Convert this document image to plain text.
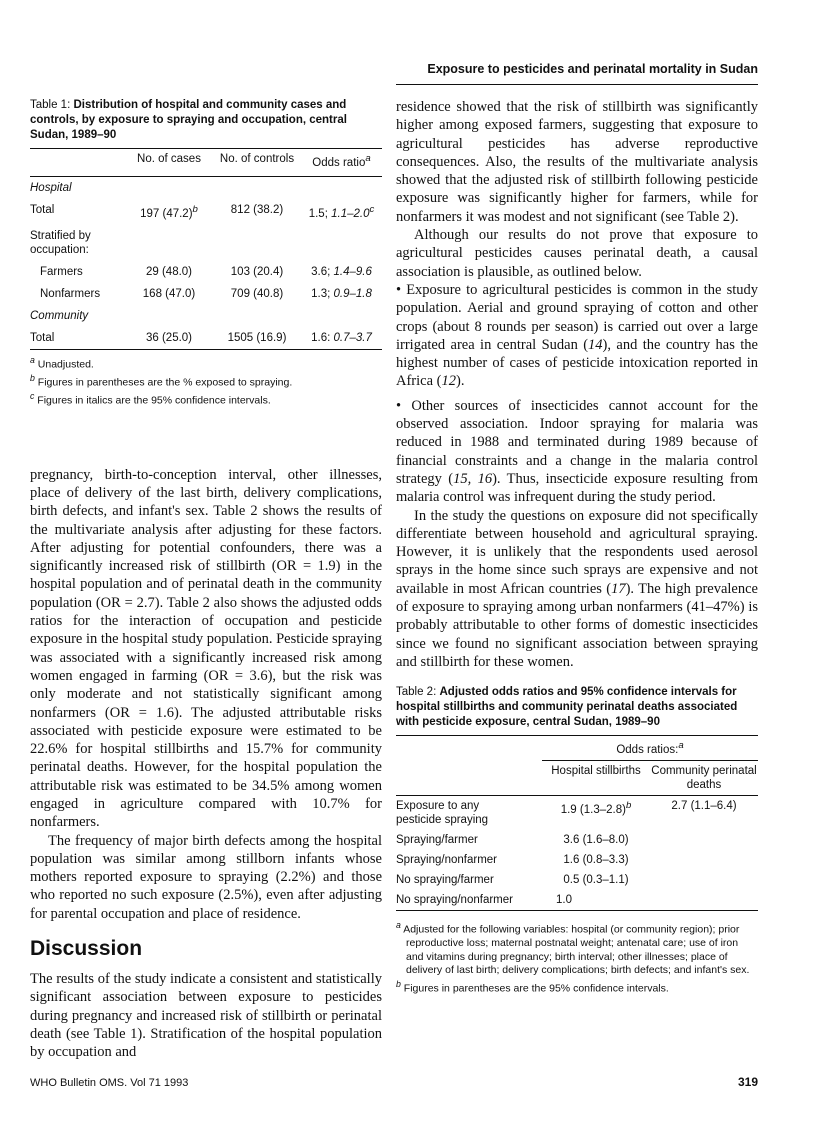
Exposure to pesticides and perinatal mortality in Sudan

Table 1: Distribution of hospital and community cases and controls, by exposure to spraying and occupation, central Sudan, 1989–90

	No. of cases	No. of controls	Odds ratio$^a$
Hospital			
Total	197 $(47.2)^b$	812 (38.2)	1.5; 1.1–2.0$^c$
Stratified by occupation:			
Farmers	29 (48.0)	103 (20.4)	3.6; 1.4–9.6
Nonfarmers	168 (47.0)	709 (40.8)	1.3; 0.9–1.8
Community			
Total	36 (25.0)	1505 (16.9)	1.6: 0.7–3.7

$^a$ Unadjusted.

$^b$ Figures in parentheses are the % exposed to spraying.

$^c$ Figures in italics are the 95% confidence intervals.

pregnancy, birth-to-conception interval, other illnesses, place of delivery of the last birth, delivery complications, birth defects, and infant's sex. Table 2 shows the results of the multivariate analysis after adjusting for these factors. After adjusting for potential confounders, there was a significantly increased risk of stillbirth (OR = 1.9) in the hospital population and of perinatal death in the community population (OR = 2.7). Table 2 also shows the adjusted odds ratios for the interaction of occupation and pesticide exposure in the hospital study population. Pesticide spraying was associated with a significantly increased risk among women engaged in farming (OR = 3.6), but the risk was only moderate and not statistically significant among nonfarmers (OR = 1.6). The adjusted attributable risks associated with pesticide exposure were estimated to be 22.6% for hospital stillbirths and 15.7% for community perinatal deaths. However, for the hospital population the attributable risk was estimated to be 34.5% among women engaged in agriculture compared with 10.7% for nonfarmers.

The frequency of major birth defects among the hospital population was similar among stillborn infants whose mothers reported exposure to spraying (2.2%) and those who reported no such exposure (2.5%), even after adjusting for parental occupation and place of residence.

Discussion

The results of the study indicate a consistent and statistically significant association between exposure to pesticides during pregnancy and increased risk of stillbirth or perinatal death (see Table 1). Stratification of the hospital population by occupation and

residence showed that the risk of stillbirth was significantly higher among exposed farmers, suggesting that exposure to agricultural pesticides has adverse reproductive consequences. Also, the results of the multivariate analysis showed that the adjusted risk of stillbirth following pesticide exposure was significantly higher for farmers, while for nonfarmers it was modest and not significant (see Table 2).

Although our results do not prove that exposure to agricultural pesticides causes perinatal death, a causal association is plausible, as outlined below.

• Exposure to agricultural pesticides is common in the study population. Aerial and ground spraying of cotton and other crops (about 8 rounds per season) is carried out over a large irrigated area in central Sudan (14), and the country has the highest number of cases of pesticide intoxication reported in Africa (12).

• Other sources of insecticides cannot account for the observed association. Indoor spraying for malaria was reduced in 1988 and terminated during 1989 because of financial constraints and a change in the malaria control strategy (15, 16). Thus, insecticide exposure resulting from malaria control was infrequent during the study period.

In the study the questions on exposure did not specifically differentiate between household and agricultural spraying. However, it is unlikely that the respondents used aerosol sprays in the home since such sprays are expensive and not available in most African countries (17). The high prevalence of exposure to spraying among urban nonfarmers (41–47%) is probably attributable to other forms of domestic insecticides since we found no significant association between spraying and stillbirth for these women.

Table 2: Adjusted odds ratios and 95% confidence intervals for hospital stillbirths and community perinatal deaths associated with pesticide exposure, central Sudan, 1989–90

	Odds ratios:$^a$
	Hospital stillbirths	Community perinatal deaths
Exposure to any pesticide spraying	1.9 $(1.3-2.8)^b$	2.7 (1.1–6.4)
Spraying/farmer	3.6 (1.6–8.0)	
Spraying/nonfarmer	1.6 (0.8–3.3)	
No spraying/farmer	0.5 (0.3–1.1)	
No spraying/nonfarmer	1.0	

$^a$ Adjusted for the following variables: hospital (or community region); prior reproductive loss; maternal postnatal weight; antenatal care; use of iron and vitamins during pregnancy; birth interval; other illnesses; place of delivery of last birth; delivery complications; birth defects; and infant's sex.

$^b$ Figures in parentheses are the 95% confidence intervals.

WHO Bulletin OMS. Vol 71 1993	319
